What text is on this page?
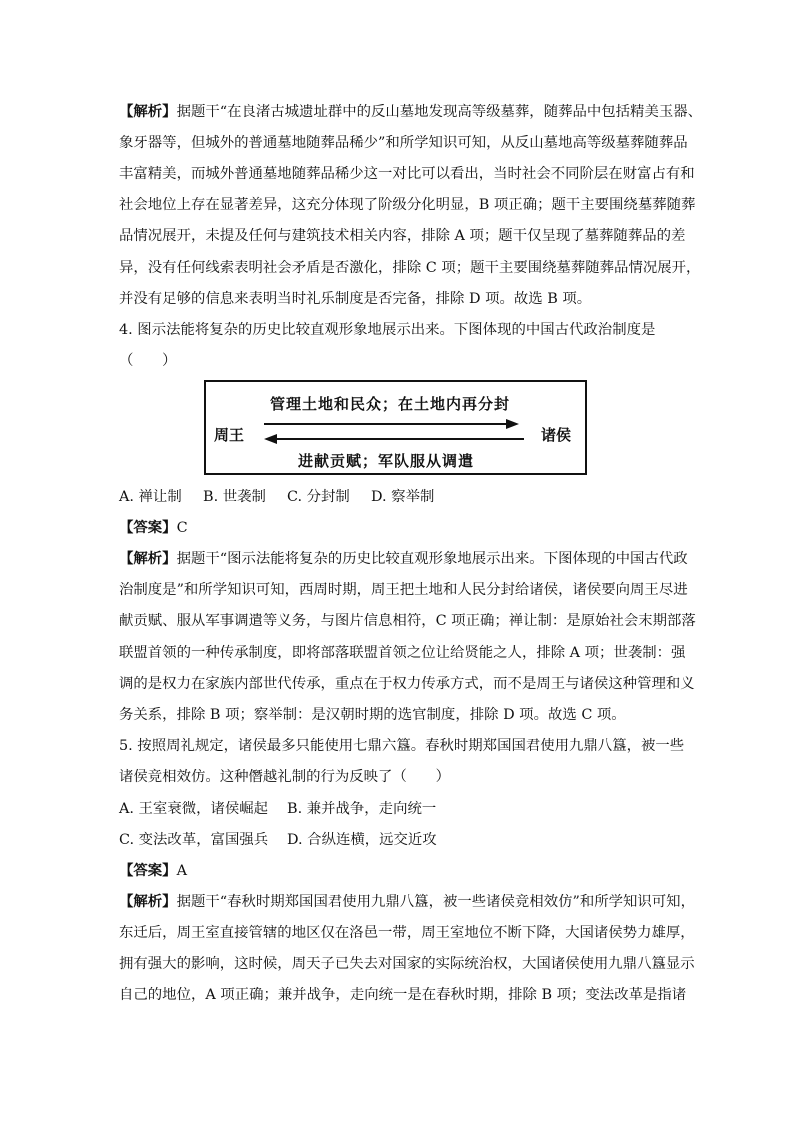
【解析】据题干“在良渚古城遗址群中的反山墓地发现高等级墓葬，随葬品中包括精美玉器、
象牙器等，但城外的普通墓地随葬品稀少”和所学知识可知，从反山墓地高等级墓葬随葬品
丰富精美，而城外普通墓地随葬品稀少这一对比可以看出，当时社会不同阶层在财富占有和
社会地位上存在显著差异，这充分体现了阶级分化明显，B 项正确；题干主要围绕墓葬随葬
品情况展开，未提及任何与建筑技术相关内容，排除 A 项；题干仅呈现了墓葬随葬品的差
异，没有任何线索表明社会矛盾是否激化，排除 C 项；题干主要围绕墓葬随葬品情况展开，
并没有足够的信息来表明当时礼乐制度是否完备，排除 D 项。故选 B 项。
4. 图示法能将复杂的历史比较直观形象地展示出来。下图体现的中国古代政治制度是
（　　）
周王	诸侯
管理土地和民众；在土地内再分封
进献贡赋；军队服从调遣
A. 禅让制 B. 世袭制 C. 分封制 D. 察举制
【答案】C
【解析】据题干“图示法能将复杂的历史比较直观形象地展示出来。下图体现的中国古代政
治制度是”和所学知识可知，西周时期，周王把土地和人民分封给诸侯，诸侯要向周王尽进
献贡赋、服从军事调遣等义务，与图片信息相符，C 项正确；禅让制：是原始社会末期部落
联盟首领的一种传承制度，即将部落联盟首领之位让给贤能之人，排除 A 项；世袭制：强
调的是权力在家族内部世代传承，重点在于权力传承方式，而不是周王与诸侯这种管理和义
务关系，排除 B 项；察举制：是汉朝时期的选官制度，排除 D 项。故选 C 项。
5. 按照周礼规定，诸侯最多只能使用七鼎六簋。春秋时期郑国国君使用九鼎八簋，被一些
诸侯竞相效仿。这种僭越礼制的行为反映了（　　）
A. 王室衰微，诸侯崛起 B. 兼并战争，走向统一
C. 变法改革，富国强兵 D. 合纵连横，远交近攻
【答案】A
【解析】据题干“春秋时期郑国国君使用九鼎八簋，被一些诸侯竞相效仿”和所学知识可知，
东迁后，周王室直接管辖的地区仅在洛邑一带，周王室地位不断下降，大国诸侯势力雄厚，
拥有强大的影响，这时候，周天子已失去对国家的实际统治权，大国诸侯使用九鼎八簋显示
自己的地位，A 项正确；兼并战争，走向统一是在春秋时期，排除 B 项；变法改革是指诸
